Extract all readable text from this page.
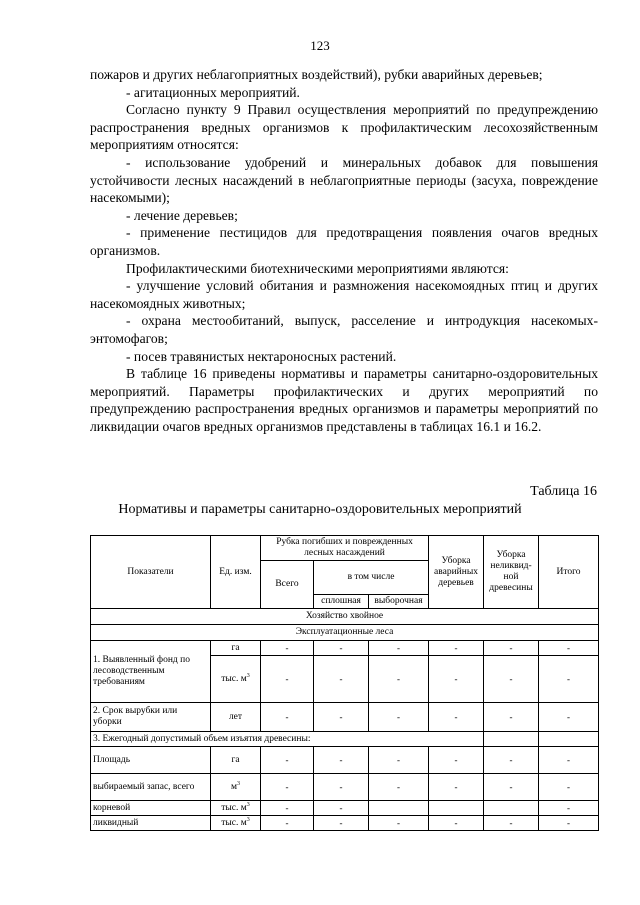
123

пожаров и других неблагоприятных воздействий), рубки аварийных деревьев;

- агитационных мероприятий.

Согласно пункту 9 Правил осуществления мероприятий по предупреждению распространения вредных организмов к профилактическим лесохозяйственным мероприятиям относятся:

- использование удобрений и минеральных добавок для повышения устойчивости лесных насаждений в неблагоприятные периоды (засуха, повреждение насекомыми);

- лечение деревьев;

- применение пестицидов для предотвращения появления очагов вредных организмов.

Профилактическими биотехническими мероприятиями являются:

- улучшение условий обитания и размножения насекомоядных птиц и других насекомоядных животных;

- охрана местообитаний, выпуск, расселение и интродукция насекомых-энтомофагов;

- посев травянистых нектароносных растений.

В таблице 16 приведены нормативы и параметры санитарно-оздоровительных мероприятий. Параметры профилактических и других мероприятий по предупреждению распространения вредных организмов и параметры мероприятий по ликвидации очагов вредных организмов представлены в таблицах 16.1 и 16.2.

Таблица 16
Нормативы и параметры санитарно-оздоровительных мероприятий
Показатели	Ед. изм.	Рубка погибших и поврежденных лесных насаждений			Уборка аварийных деревьев	Уборка неликвид-ной древесины	Итого
		Всего	в том числе				
			сплошная	выборочная			
Хозяйство хвойное							
Эксплуатационные леса							
1. Выявленный фонд по лесоводственным требованиям	га	-	-	-	-	-	-
	тыс. $м^3$	-	-	-	-	-	-
2. Срок вырубки или уборки	лет	-	-	-	-	-	-
3. Ежегодный допустимый объем изъятия древесины:							
Площадь	га	-	-	-	-	-	-
выбираемый запас, всего	$м^3$	-	-	-	-	-	-
корневой	тыс. $м^3$	-	-				-
ликвидный	тыс. $м^3$	-	-	-	-	-	-
